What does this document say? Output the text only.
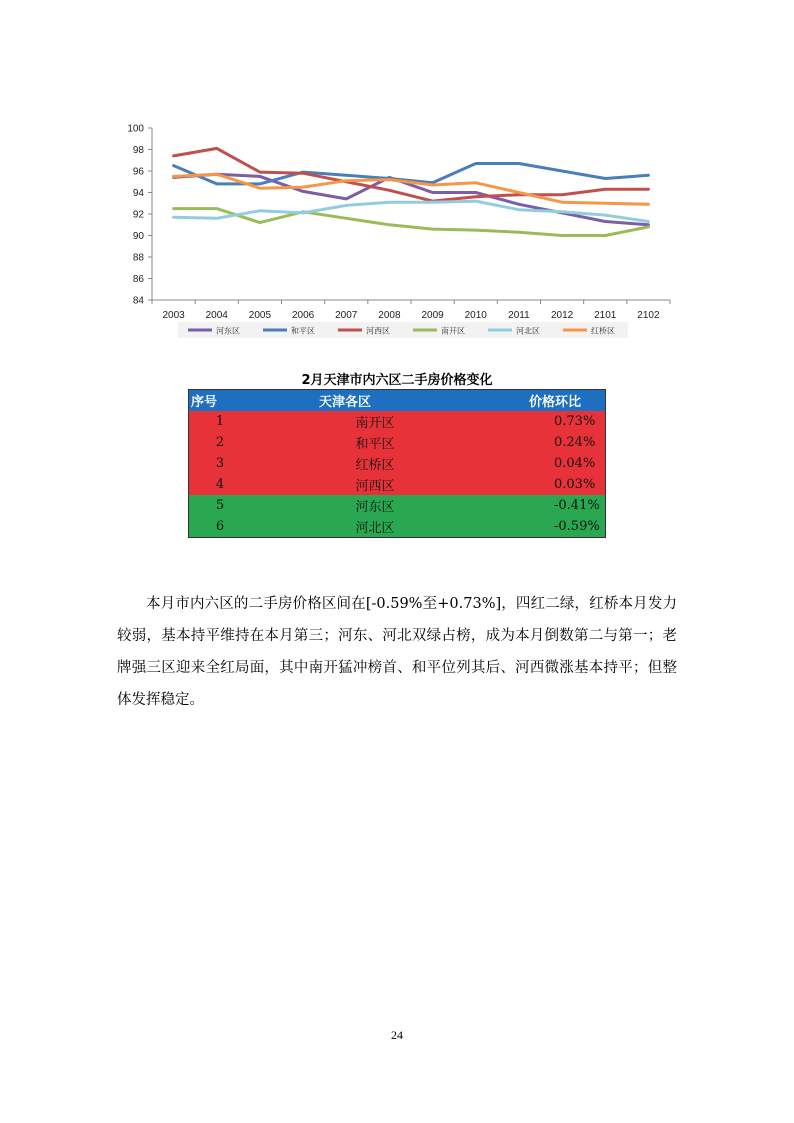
2003 2004 2005 2006 2007 2008 2009 2010 2011 2012 2101 2102
84
86
88
90
92
94
96
98
100
河东区	和平区	河西区	南开区	河北区	红桥区
2月天津市内六区二手房价格变化
序号	天津各区	价格环比
1	南开区	0.73%
2	和平区	0.24%
3	红桥区	0.04%
4	河西区	0.03%
5	河东区	-0.41%
6	河北区	-0.59%

本月市内六区的二手房价格区间在[-0.59%至+0.73%]，四红二绿，红桥本月发力较弱，基本持平维持在本月第三；河东、河北双绿占榜，成为本月倒数第二与第一；老牌强三区迎来全红局面，其中南开猛冲榜首、和平位列其后、河西微涨基本持平；但整体发挥稳定。

24
